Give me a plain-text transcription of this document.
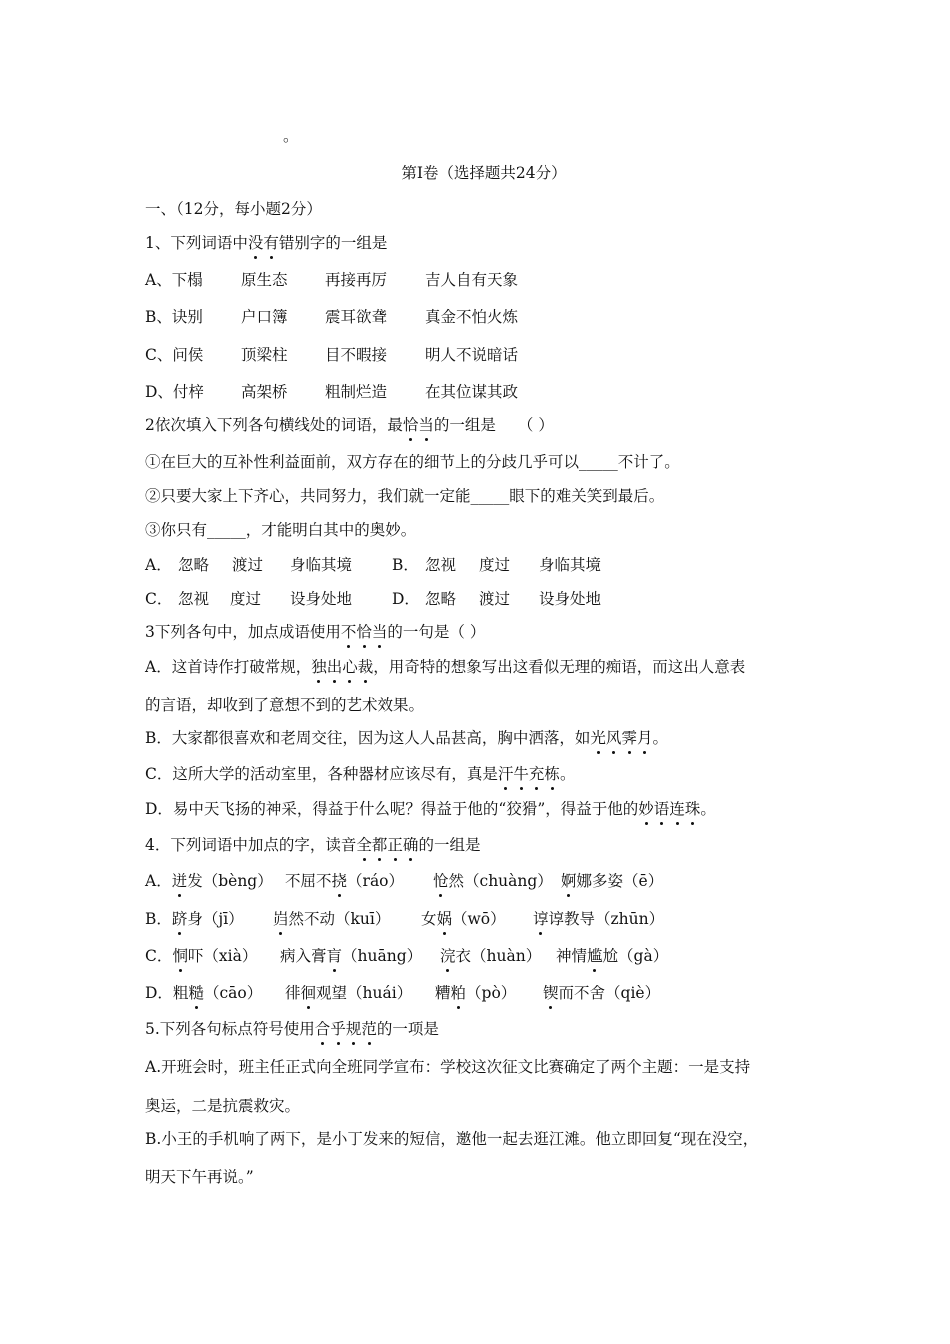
。
第Ⅰ卷（选择题共24分）
一、（12分，每小题2分）
1、下列词语中没有错别字的一组是
A、下榻 原生态 再接再厉 吉人自有天象
B、诀别 户口簿 震耳欲聋 真金不怕火炼
C、问侯 顶梁柱 目不暇接 明人不说暗话
D、付梓 高架桥 粗制烂造 在其位谋其政
2依次填入下列各句横线处的词语，最恰当的一组是 （ ）
①在巨大的互补性利益面前，双方存在的细节上的分歧几乎可以_____不计了。
②只要大家上下齐心，共同努力，我们就一定能_____眼下的难关笑到最后。
③你只有_____，才能明白其中的奥妙。
A． 忽略 渡过 身临其境	B． 忽视 度过 身临其境
C． 忽视 度过 设身处地	D． 忽略 渡过 设身处地
3下列各句中，加点成语使用不恰当的一句是（ ）
A．这首诗作打破常规，独出心裁，用奇特的想象写出这看似无理的痴语，而这出人意表
的言语，却收到了意想不到的艺术效果。
B．大家都很喜欢和老周交往，因为这人人品甚高，胸中洒落，如光风霁月。
C．这所大学的活动室里，各种器材应该尽有，真是汗牛充栋。
D．易中天飞扬的神采，得益于什么呢？得益于他的“狡猾”，得益于他的妙语连珠。
4．下列词语中加点的字，读音全都正确的一组是
A．迸发（bèng） 不屈不挠（ráo） 怆然（chuàng） 婀娜多姿（ē）
B．跻身（jī） 岿然不动（kuī） 女娲（wō） 谆谆教导（zhūn）
C．恫吓（xià） 病入膏肓（huāng） 浣衣（huàn） 神情尴尬（gà）
D．粗糙（cāo） 徘徊观望（huái） 糟粕（pò） 锲而不舍（qiè）
5.下列各句标点符号使用合乎规范的一项是
A.开班会时，班主任正式向全班同学宣布：学校这次征文比赛确定了两个主题：一是支持
奥运，二是抗震救灾。
B.小王的手机响了两下，是小丁发来的短信，邀他一起去逛江滩。他立即回复“现在没空，
明天下午再说。”
